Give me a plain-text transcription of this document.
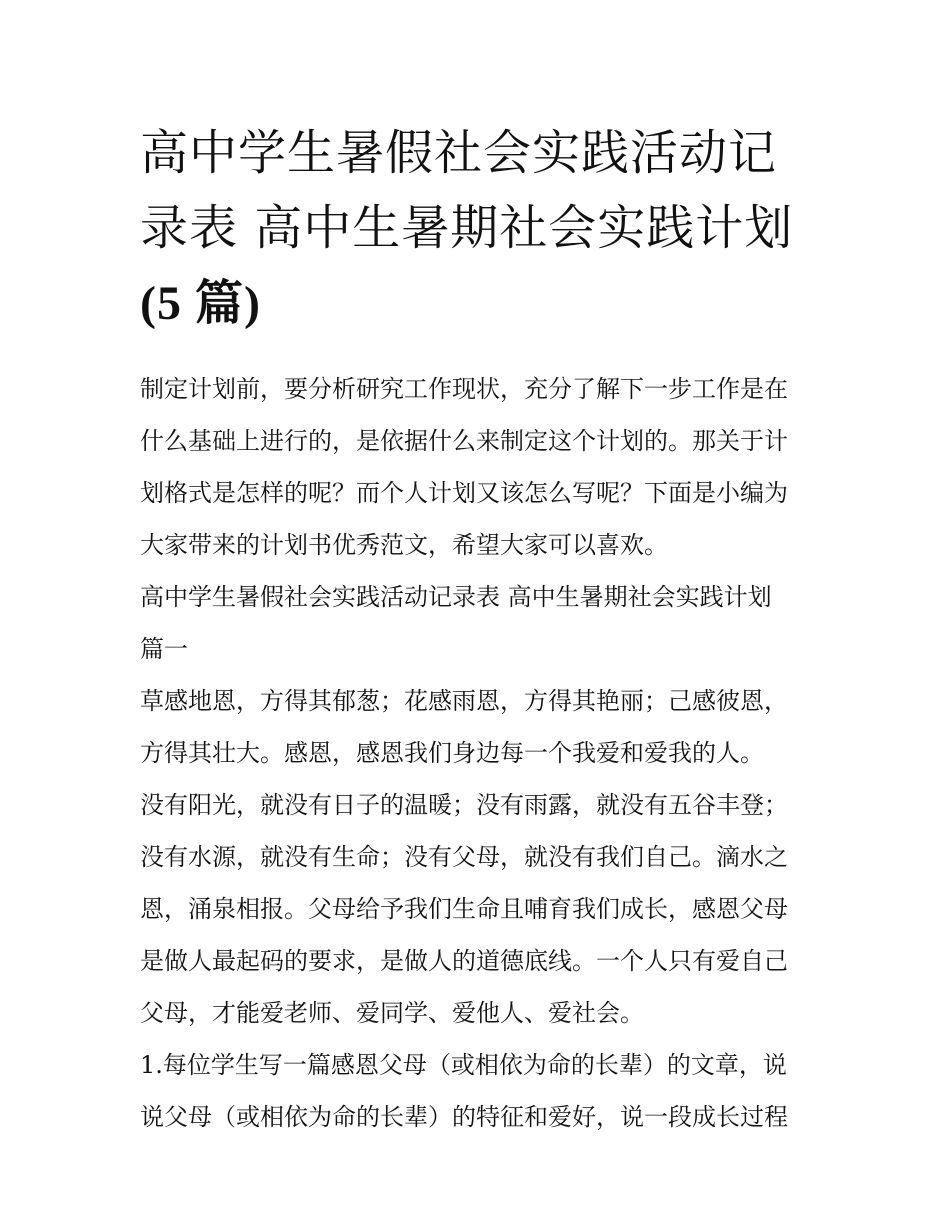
高中学生暑假社会实践活动记
录表 高中生暑期社会实践计划
(5 篇)

制定计划前，要分析研究工作现状，充分了解下一步工作是在
什么基础上进行的，是依据什么来制定这个计划的。那关于计
划格式是怎样的呢？而个人计划又该怎么写呢？下面是小编为
大家带来的计划书优秀范文，希望大家可以喜欢。

高中学生暑假社会实践活动记录表 高中生暑期社会实践计划
篇一

草感地恩，方得其郁葱；花感雨恩，方得其艳丽；己感彼恩，
方得其壮大。感恩，感恩我们身边每一个我爱和爱我的人。

没有阳光，就没有日子的温暖；没有雨露，就没有五谷丰登；
没有水源，就没有生命；没有父母，就没有我们自己。滴水之
恩，涌泉相报。父母给予我们生命且哺育我们成长，感恩父母
是做人最起码的要求，是做人的道德底线。一个人只有爱自己
父母，才能爱老师、爱同学、爱他人、爱社会。

1.每位学生写一篇感恩父母（或相依为命的长辈）的文章，说
说父母（或相依为命的长辈）的特征和爱好，说一段成长过程
